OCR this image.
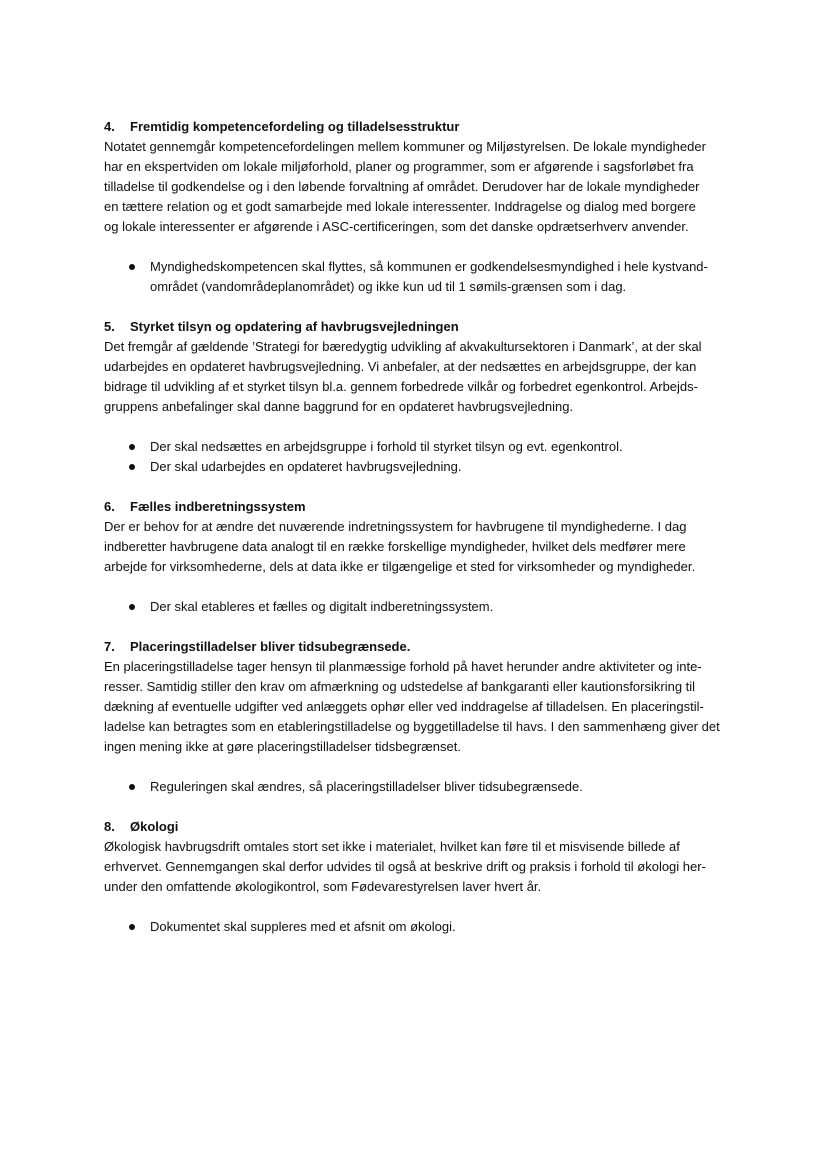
4.	Fremtidig kompetencefordeling og tilladelsesstruktur
Notatet gennemgår kompetencefordelingen mellem kommuner og Miljøstyrelsen. De lokale myndigheder
har en ekspertviden om lokale miljøforhold, planer og programmer, som er afgørende i sagsforløbet fra
tilladelse til godkendelse og i den løbende forvaltning af området. Derudover har de lokale myndigheder
en tættere relation og et godt samarbejde med lokale interessenter. Inddragelse og dialog med borgere
og lokale interessenter er afgørende i ASC-certificeringen, som det danske opdrætserhverv anvender.
Myndighedskompetencen skal flyttes, så kommunen er godkendelsesmyndighed i hele kystvand-
området (vandområdeplanområdet) og ikke kun ud til 1 sømils-grænsen som i dag.
5.	Styrket tilsyn og opdatering af havbrugsvejledningen
Det fremgår af gældende ’Strategi for bæredygtig udvikling af akvakultursektoren i Danmark’, at der skal
udarbejdes en opdateret havbrugsvejledning. Vi anbefaler, at der nedsættes en arbejdsgruppe, der kan
bidrage til udvikling af et styrket tilsyn bl.a. gennem forbedrede vilkår og forbedret egenkontrol. Arbejds-
gruppens anbefalinger skal danne baggrund for en opdateret havbrugsvejledning.
Der skal nedsættes en arbejdsgruppe i forhold til styrket tilsyn og evt. egenkontrol.
Der skal udarbejdes en opdateret havbrugsvejledning.
6.	Fælles indberetningssystem
Der er behov for at ændre det nuværende indretningssystem for havbrugene til myndighederne. I dag
indberetter havbrugene data analogt til en række forskellige myndigheder, hvilket dels medfører mere
arbejde for virksomhederne, dels at data ikke er tilgængelige et sted for virksomheder og myndigheder.
Der skal etableres et fælles og digitalt indberetningssystem.
7.	Placeringstilladelser bliver tidsubegrænsede.
En placeringstilladelse tager hensyn til planmæssige forhold på havet herunder andre aktiviteter og inte-
resser. Samtidig stiller den krav om afmærkning og udstedelse af bankgaranti eller kautionsforsikring til
dækning af eventuelle udgifter ved anlæggets ophør eller ved inddragelse af tilladelsen. En placeringstil-
ladelse kan betragtes som en etableringstilladelse og byggetilladelse til havs. I den sammenhæng giver det
ingen mening ikke at gøre placeringstilladelser tidsbegrænset.
Reguleringen skal ændres, så placeringstilladelser bliver tidsubegrænsede.
8.	Økologi
Økologisk havbrugsdrift omtales stort set ikke i materialet, hvilket kan føre til et misvisende billede af
erhvervet. Gennemgangen skal derfor udvides til også at beskrive drift og praksis i forhold til økologi her-
under den omfattende økologikontrol, som Fødevarestyrelsen laver hvert år.
Dokumentet skal suppleres med et afsnit om økologi.
